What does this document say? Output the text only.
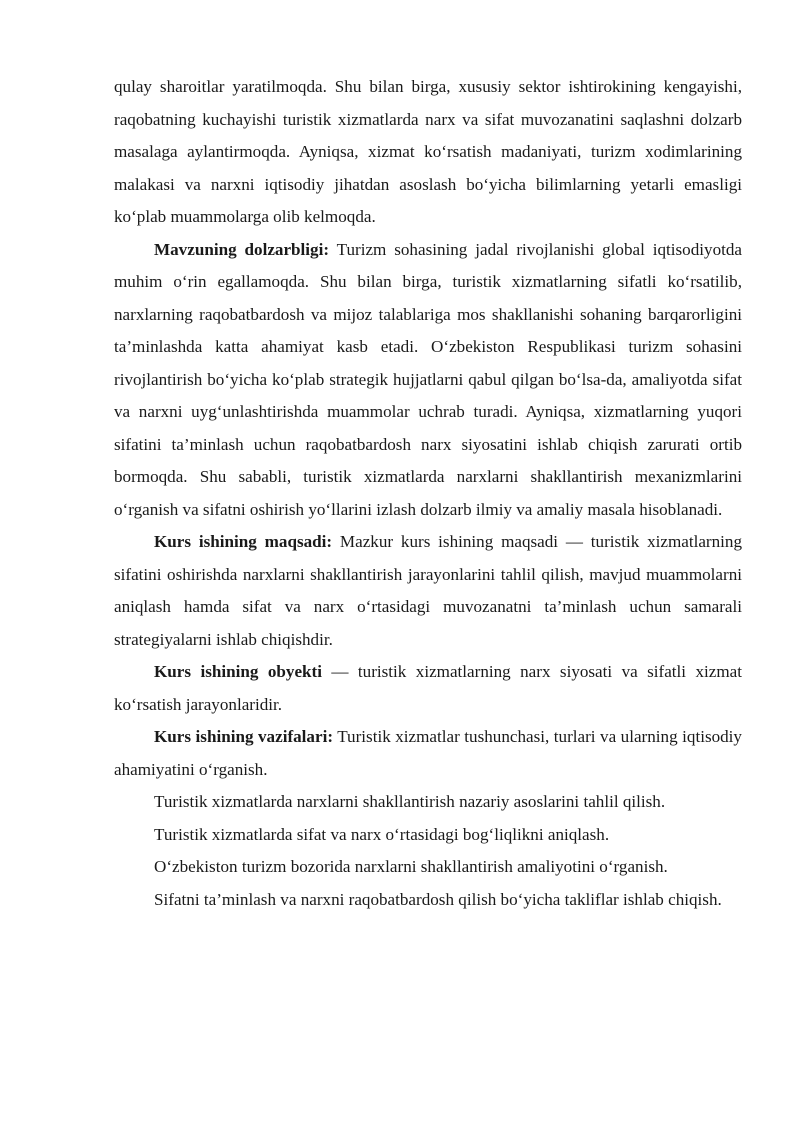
qulay sharoitlar yaratilmoqda. Shu bilan birga, xususiy sektor ishtirokining kengayishi, raqobatning kuchayishi turistik xizmatlarda narx va sifat muvozanatini saqlashni dolzarb masalaga aylantirmoqda. Ayniqsa, xizmat ko‘rsatish madaniyati, turizm xodimlarining malakasi va narxni iqtisodiy jihatdan asoslash bo‘yicha bilimlarning yetarli emasligi ko‘plab muammolarga olib kelmoqda.

Mavzuning dolzarbligi: Turizm sohasining jadal rivojlanishi global iqtisodiyotda muhim o‘rin egallamoqda. Shu bilan birga, turistik xizmatlarning sifatli ko‘rsatilib, narxlarning raqobatbardosh va mijoz talablariga mos shakllanishi sohaning barqarorligini ta’minlashda katta ahamiyat kasb etadi. O‘zbekiston Respublikasi turizm sohasini rivojlantirish bo‘yicha ko‘plab strategik hujjatlarni qabul qilgan bo‘lsa-da, amaliyotda sifat va narxni uyg‘unlashtirishda muammolar uchrab turadi. Ayniqsa, xizmatlarning yuqori sifatini ta’minlash uchun raqobatbardosh narx siyosatini ishlab chiqish zarurati ortib bormoqda. Shu sababli, turistik xizmatlarda narxlarni shakllantirish mexanizmlarini o‘rganish va sifatni oshirish yo‘llarini izlash dolzarb ilmiy va amaliy masala hisoblanadi.

Kurs ishining maqsadi: Mazkur kurs ishining maqsadi — turistik xizmatlarning sifatini oshirishda narxlarni shakllantirish jarayonlarini tahlil qilish, mavjud muammolarni aniqlash hamda sifat va narx o‘rtasidagi muvozanatni ta’minlash uchun samarali strategiyalarni ishlab chiqishdir.

Kurs ishining obyekti — turistik xizmatlarning narx siyosati va sifatli xizmat ko‘rsatish jarayonlaridir.

Kurs ishining vazifalari: Turistik xizmatlar tushunchasi, turlari va ularning iqtisodiy ahamiyatini o‘rganish.

Turistik xizmatlarda narxlarni shakllantirish nazariy asoslarini tahlil qilish.

Turistik xizmatlarda sifat va narx o‘rtasidagi bog‘liqlikni aniqlash.

O‘zbekiston turizm bozorida narxlarni shakllantirish amaliyotini o‘rganish.

Sifatni ta’minlash va narxni raqobatbardosh qilish bo‘yicha takliflar ishlab chiqish.
